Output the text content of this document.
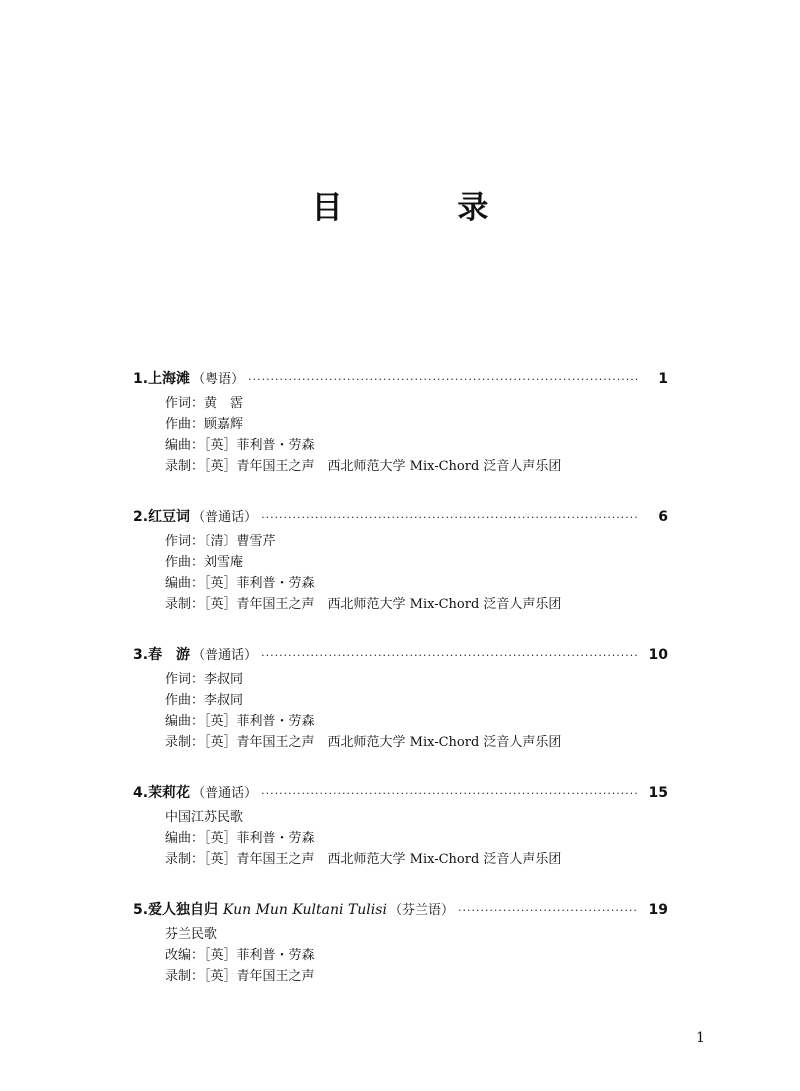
目 录
1. 上海滩 （粤语） ·····	1
作词：黄　霑
作曲：顾嘉辉
编曲：［英］菲利普・劳森
录制：［英］青年国王之声　西北师范大学 Mix-Chord 泛音人声乐团
2. 红豆词 （普通话） ·····	6
作词：〔清〕曹雪芹
作曲：刘雪庵
编曲：［英］菲利普・劳森
录制：［英］青年国王之声　西北师范大学 Mix-Chord 泛音人声乐团
3. 春　游 （普通话） ·····	10
作词：李叔同
作曲：李叔同
编曲：［英］菲利普・劳森
录制：［英］青年国王之声　西北师范大学 Mix-Chord 泛音人声乐团
4. 茉莉花 （普通话） ·····	15
中国江苏民歌
编曲：［英］菲利普・劳森
录制：［英］青年国王之声　西北师范大学 Mix-Chord 泛音人声乐团
5. 爱人独自归 Kun Mun Kultani Tulisi （芬兰语） ·····	19
芬兰民歌
改编：［英］菲利普・劳森
录制：［英］青年国王之声
1
